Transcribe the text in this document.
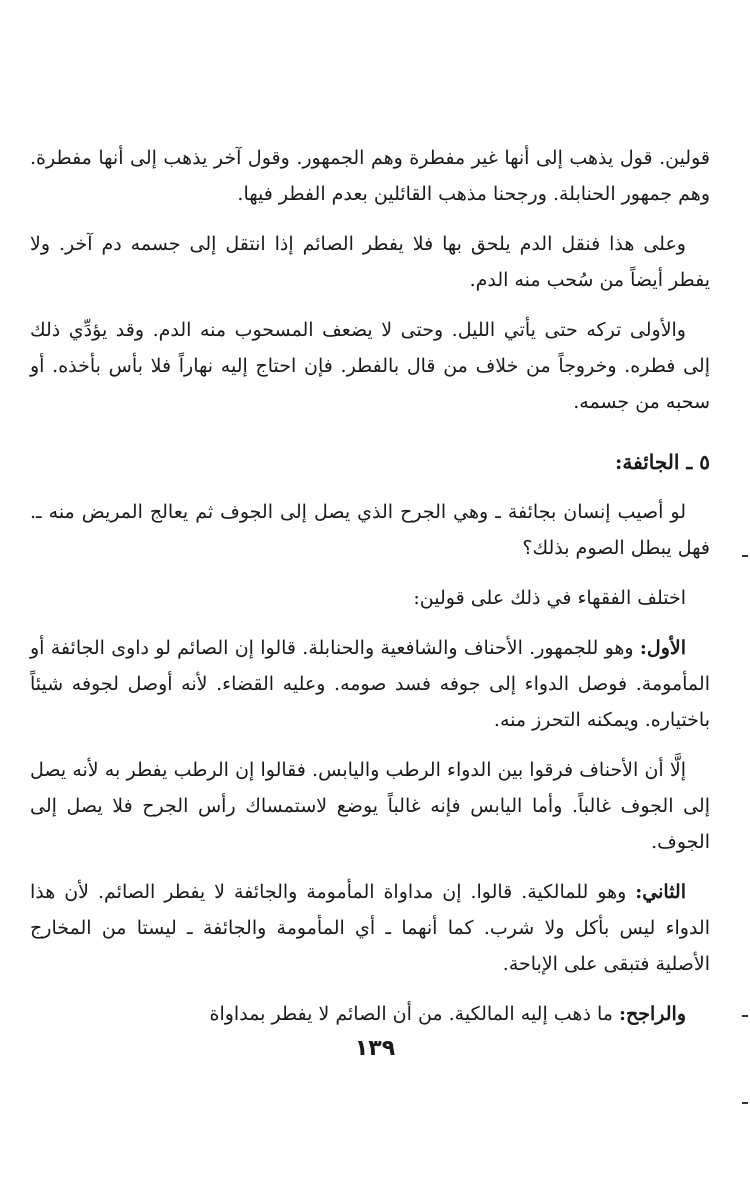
قولين. قول يذهب إلى أنها غير مفطرة وهم الجمهور. وقول آخر يذهب إلى أنها مفطرة. وهم جمهور الحنابلة. ورجحنا مذهب القائلين بعدم الفطر فيها.

وعلى هذا فنقل الدم يلحق بها فلا يفطر الصائم إذا انتقل إلى جسمه دم آخر. ولا يفطر أيضاً من سُحب منه الدم.

والأولى تركه حتى يأتي الليل. وحتى لا يضعف المسحوب منه الدم. وقد يؤدِّي ذلك إلى فطره. وخروجاً من خلاف من قال بالفطر. فإن احتاج إليه نهاراً فلا بأس بأخذه. أو سحبه من جسمه.

٥ ـ الجائفة:

لو أصيب إنسان بجائفة ـ وهي الجرح الذي يصل إلى الجوف ثم يعالج المريض منه ـ. فهل يبطل الصوم بذلك؟

اختلف الفقهاء في ذلك على قولين:

الأول: وهو للجمهور. الأحناف والشافعية والحنابلة. قالوا إن الصائم لو داوى الجائفة أو المأمومة. فوصل الدواء إلى جوفه فسد صومه. وعليه القضاء. لأنه أوصل لجوفه شيئاً باختياره. ويمكنه التحرز منه.

إلَّا أن الأحناف فرقوا بين الدواء الرطب واليابس. فقالوا إن الرطب يفطر به لأنه يصل إلى الجوف غالباً. وأما اليابس فإنه غالباً يوضع لاستمساك رأس الجرح فلا يصل إلى الجوف.

الثاني: وهو للمالكية. قالوا. إن مداواة المأمومة والجائفة لا يفطر الصائم. لأن هذا الدواء ليس بأكل ولا شرب. كما أنهما ـ أي المأمومة والجائفة ـ ليستا من المخارج الأصلية فتبقى على الإباحة.

والراجح: ما ذهب إليه المالكية. من أن الصائم لا يفطر بمداواة

١٣٩
